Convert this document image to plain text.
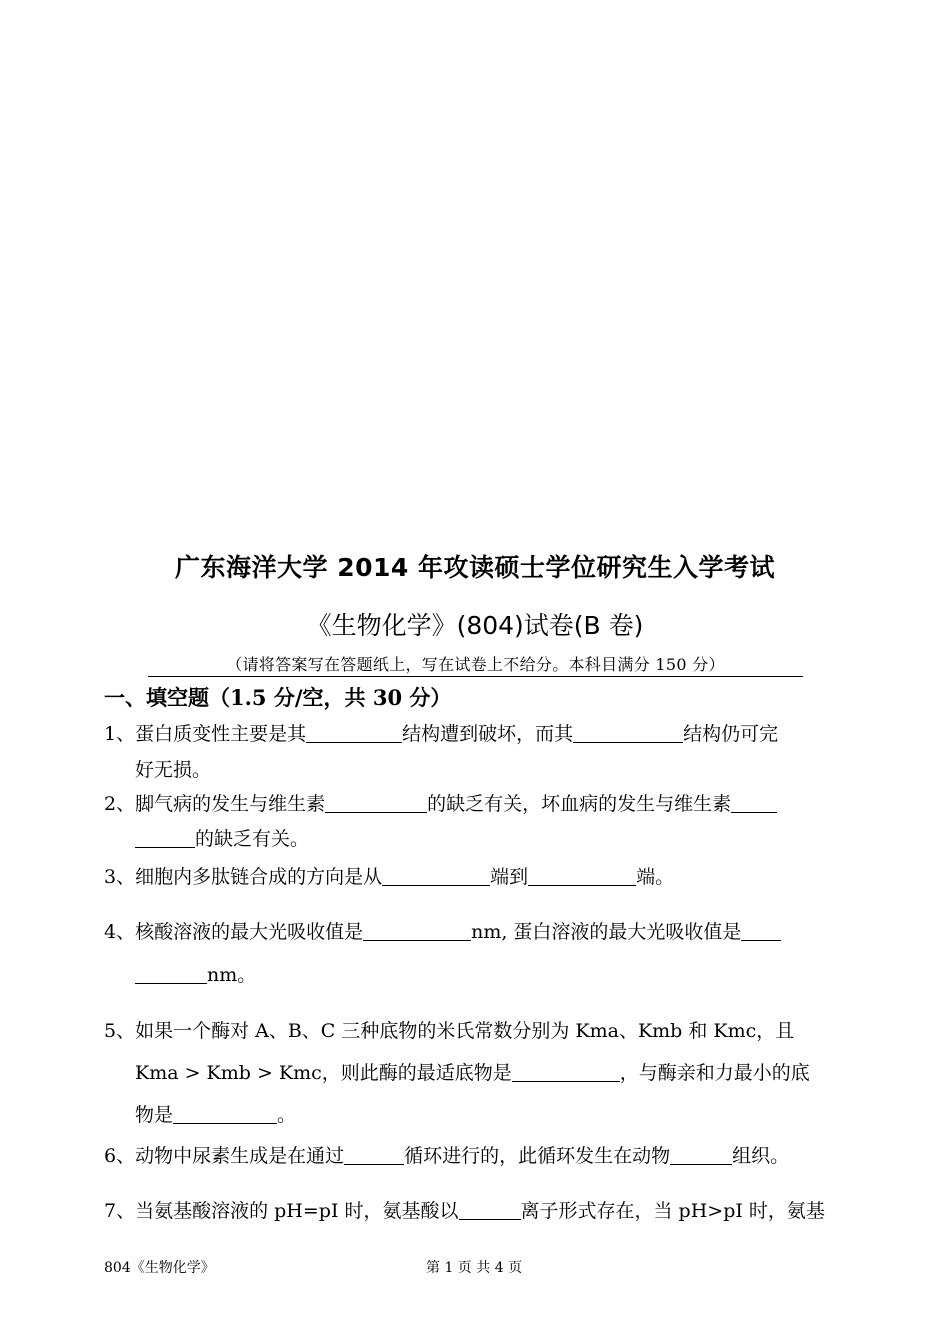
广东海洋大学 2014 年攻读硕士学位研究生入学考试
《生物化学》(804)试卷(B 卷)
（请将答案写在答题纸上，写在试卷上不给分。本科目满分 150 分）
一、填空题（1.5 分/空，共 30 分）
1、蛋白质变性主要是其	结构遭到破坏，而其	结构仍可完
好无损。
2、脚气病的发生与维生素	的缺乏有关，坏血病的发生与维生素
的缺乏有关。
3、细胞内多肽链合成的方向是从	端到	端。
4、核酸溶液的最大光吸收值是	nm, 蛋白溶液的最大光吸收值是
nm。
5、如果一个酶对 A、B、C 三种底物的米氏常数分别为 Kma、Kmb 和 Kmc，且
Kma > Kmb > Kmc，则此酶的最适底物是	，与酶亲和力最小的底
物是	。
6、动物中尿素生成是在通过	循环进行的，此循环发生在动物	组织。
7、当氨基酸溶液的 pH=pI 时，氨基酸以	离子形式存在，当 pH>pI 时，氨基
804《生物化学》	第 1 页 共 4 页
